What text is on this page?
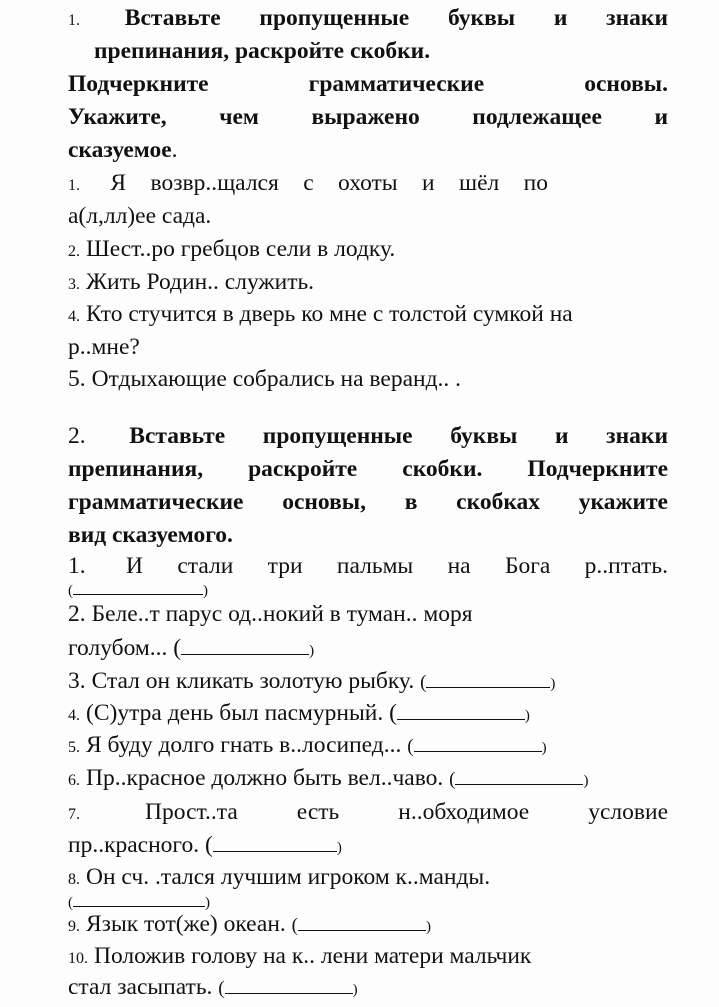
1. Вставьте пропущенные буквы и знаки
препинания, раскройте скобки.
Подчеркните грамматические основы.
Укажите, чем выражено подлежащее и
сказуемое.
1. Я возвр..щался с охоты и шёл по
а(л,лл)ее сада.
2. Шест..ро гребцов сели в лодку.
3. Жить Родин.. служить.
4. Кто стучится в дверь ко мне с толстой сумкой на
р..мне?
5. Отдыхающие собрались на веранд.. .
2. Вставьте пропущенные буквы и знаки
препинания, раскройте скобки. Подчеркните
грамматические основы, в скобках укажите
вид сказуемого.
1. И стали три пальмы на Бога р..птать.
(	)
2. Беле..т парус од..нокий в туман.. моря
голубом... (	)
3. Стал он кликать золотую рыбку. (	)
4. (С)утра день был пасмурный. (	)
5. Я буду долго гнать в..лосипед... (	)
6. Пр..красное должно быть вел..чаво. (	)
7.	Прост..та есть н..обходимое условие
пр..красного. (	)
8. Он сч. .тался лучшим игроком к..манды.
(	)
9. Язык тот(же) океан. (	)
10. Положив голову на к.. лени матери мальчик
стал засыпать. (	)
